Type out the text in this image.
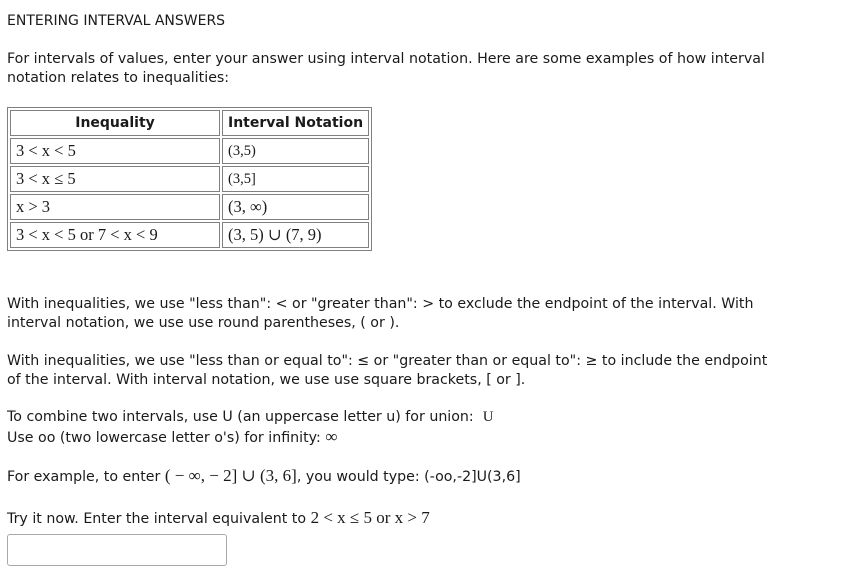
ENTERING INTERVAL ANSWERS

For intervals of values, enter your answer using interval notation. Here are some examples of how interval

notation relates to inequalities:

Inequality	Interval Notation
3 < x < 5	(3,5)
3 < x ≤ 5	(3,5]
x > 3	(3, ∞)
3 < x < 5 or 7 < x < 9	(3, 5) ∪ (7, 9)

With inequalities, we use "less than": < or "greater than": > to exclude the endpoint of the interval. With

interval notation, we use use round parentheses, ( or ).

With inequalities, we use "less than or equal to": ≤ or "greater than or equal to": ≥ to include the endpoint

of the interval. With interval notation, we use use square brackets, [ or ].

To combine two intervals, use U (an uppercase letter u) for union: U

Use oo (two lowercase letter o's) for infinity: ∞

For example, to enter ( − ∞, − 2] ∪ (3, 6], you would type: (-oo,-2]U(3,6]

Try it now. Enter the interval equivalent to 2 < x ≤ 5 or x > 7
